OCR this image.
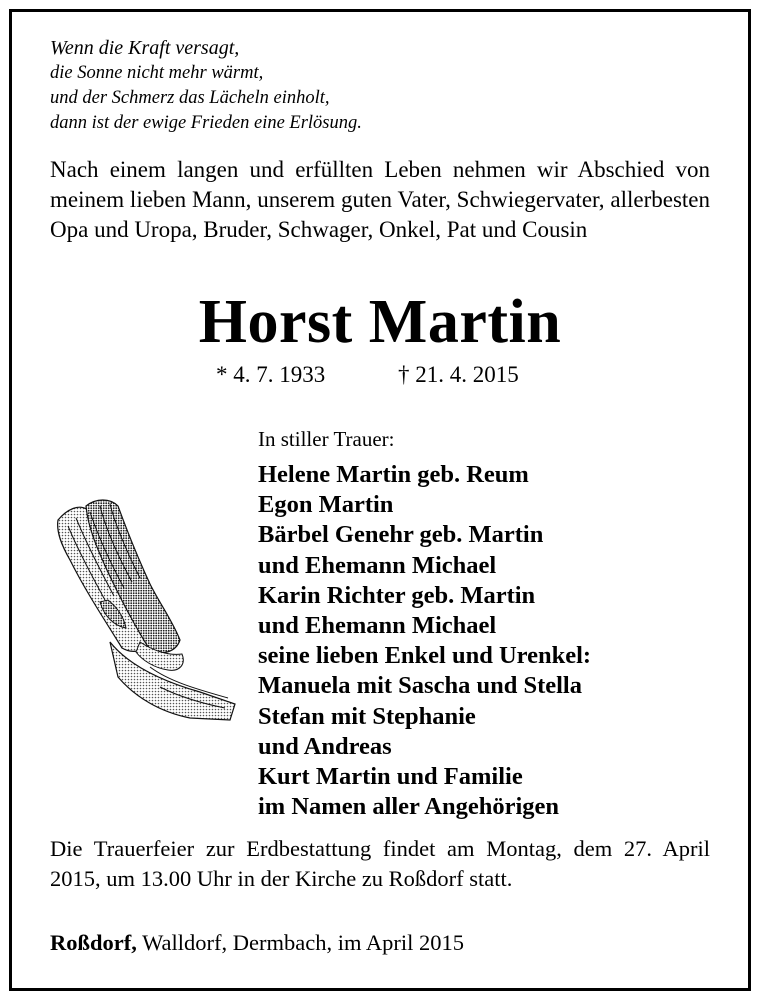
Wenn die Kraft versagt,
die Sonne nicht mehr wärmt,
und der Schmerz das Lächeln einholt,
dann ist der ewige Frieden eine Erlösung.
Nach einem langen und erfüllten Leben nehmen wir Abschied von meinem lieben Mann, unserem guten Vater, Schwiegervater, allerbesten Opa und Uropa, Bruder, Schwager, Onkel, Pat und Cousin
Horst Martin
* 4. 7. 1933	† 21. 4. 2015
In stiller Trauer:
Helene Martin geb. Reum
Egon Martin
Bärbel Genehr geb. Martin
und Ehemann Michael
Karin Richter geb. Martin
und Ehemann Michael
seine lieben Enkel und Urenkel:
Manuela mit Sascha und Stella
Stefan mit Stephanie
und Andreas
Kurt Martin und Familie
im Namen aller Angehörigen
Die Trauerfeier zur Erdbestattung findet am Montag, dem 27. April 2015, um 13.00 Uhr in der Kirche zu Roßdorf statt.
Roßdorf, Walldorf, Dermbach, im April 2015
